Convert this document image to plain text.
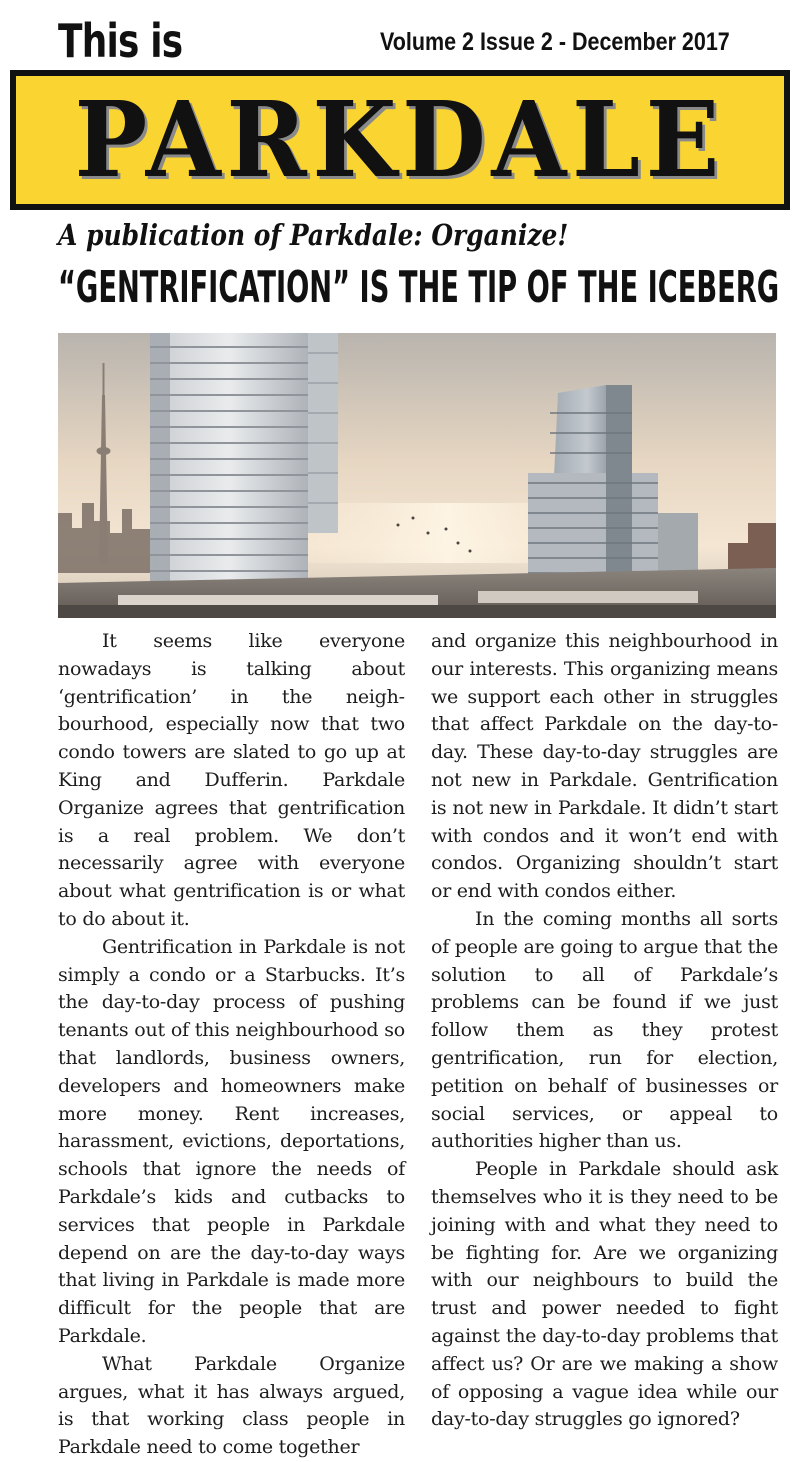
This is	Volume 2 Issue 2 - December 2017
PARKDALE
A publication of Parkdale: Organize!
“GENTRIFICATION” IS THE TIP OF THE ICEBERG

It seems like everyone nowadays is talking about ‘gentrification’ in the neighbourhood, especially now that two condo towers are slated to go up at King and Dufferin. Parkdale Organize agrees that gentrification is a real problem. We don’t necessarily agree with everyone about what gentrification is or what to do about it.

Gentrification in Parkdale is not simply a condo or a Starbucks. It’s the day-to-day process of pushing tenants out of this neighbourhood so that landlords, business owners, developers and homeowners make more money. Rent increases, harassment, evictions, deportations, schools that ignore the needs of Parkdale’s kids and cutbacks to services that people in Parkdale depend on are the day-to-day ways that living in Parkdale is made more difficult for the people that are Parkdale.

What Parkdale Organize argues, what it has always argued, is that working class people in Parkdale need to come together

and organize this neighbourhood in our interests. This organizing means we support each other in struggles that affect Parkdale on the day-to-day. These day-to-day struggles are not new in Parkdale. Gentrification is not new in Parkdale. It didn’t start with condos and it won’t end with condos. Organizing shouldn’t start or end with condos either.

In the coming months all sorts of people are going to argue that the solution to all of Parkdale’s problems can be found if we just follow them as they protest gentrification, run for election, petition on behalf of businesses or social services, or appeal to authorities higher than us.

People in Parkdale should ask themselves who it is they need to be joining with and what they need to be fighting for. Are we organizing with our neighbours to build the trust and power needed to fight against the day-to-day problems that affect us? Or are we making a show of opposing a vague idea while our day-to-day struggles go ignored?
